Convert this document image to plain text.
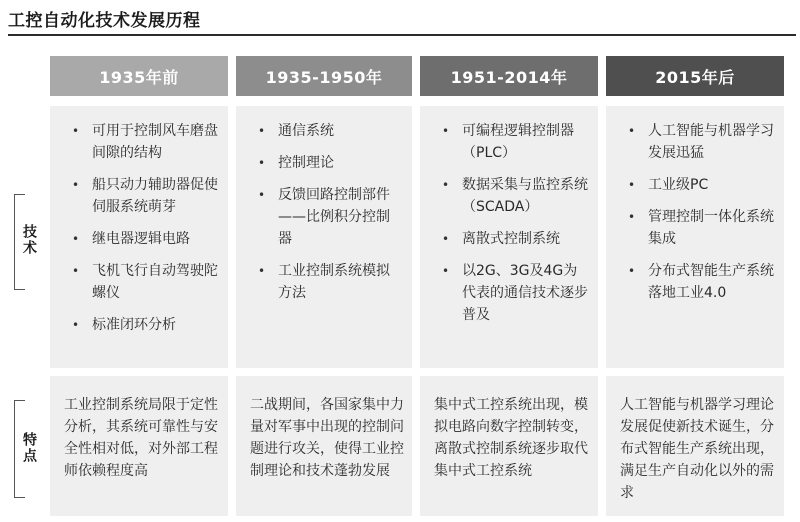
工控自动化技术发展历程
技术
特点
1935年前
• 可用于控制风车磨盘间隙的结构
• 船只动力辅助器促使伺服系统萌芽
• 继电器逻辑电路
• 飞机飞行自动驾驶陀螺仪
• 标准闭环分析
工业控制系统局限于定性分析，其系统可靠性与安全性相对低，对外部工程师依赖程度高
1935-1950年
• 通信系统
• 控制理论
• 反馈回路控制部件——比例积分控制器
• 工业控制系统模拟方法
二战期间，各国家集中力量对军事中出现的控制问题进行攻关，使得工业控制理论和技术蓬勃发展
1951-2014年
• 可编程逻辑控制器（PLC）
• 数据采集与监控系统（SCADA）
• 离散式控制系统
• 以2G、3G及4G为代表的通信技术逐步普及
集中式工控系统出现，模拟电路向数字控制转变，离散式控制系统逐步取代集中式工控系统
2015年后
• 人工智能与机器学习发展迅猛
• 工业级PC
• 管理控制一体化系统集成
• 分布式智能生产系统落地工业4.0
人工智能与机器学习理论发展促使新技术诞生，分布式智能生产系统出现，满足生产自动化以外的需求
